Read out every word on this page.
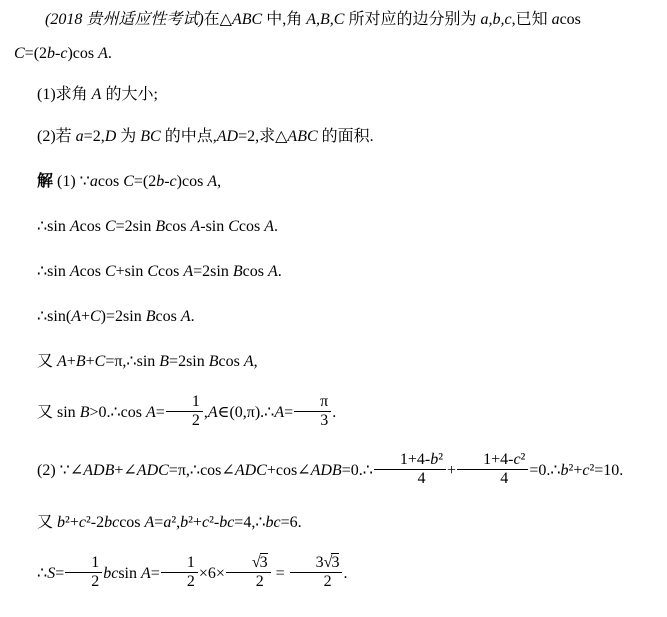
(2018 贵州适应性考试)在△ABC 中,角 A,B,C 所对应的边分别为 a,b,c,已知 acos

C=(2b-c)cos A.

(1)求角 A 的大小;

(2)若 a=2,D 为 BC 的中点,AD=2,求△ABC 的面积.

解 (1) ∵acos C=(2b-c)cos A,

∴sin Acos C=2sin Bcos A-sin Ccos A.

∴sin Acos C+sin Ccos A=2sin Bcos A.

∴sin(A+C)=2sin Bcos A.

又 A+B+C=π,∴sin B=2sin Bcos A,

又 sin B>0.∴cos $A= \frac{1}{2}$ ,A∈(0,π).∴A= $\frac{\pi}{3}$ .

(2) ∵∠ADB+∠ADC=π,∴cos∠ADC+cos∠ADB=0.∴ $\frac{\text{1+4-b²}}{4} + \frac{\text{1+4-c²}}{4}$ =0.∴b²+c²=10.

又 b²+c²-2bccos A=a²,b²+c²-bc=4,∴bc=6.

∴S= $\frac{1}{2}$ bcsin $A= \frac{1}{2} \times 6\times \frac{√3}{2} = \frac{3√3}{2}$ .
